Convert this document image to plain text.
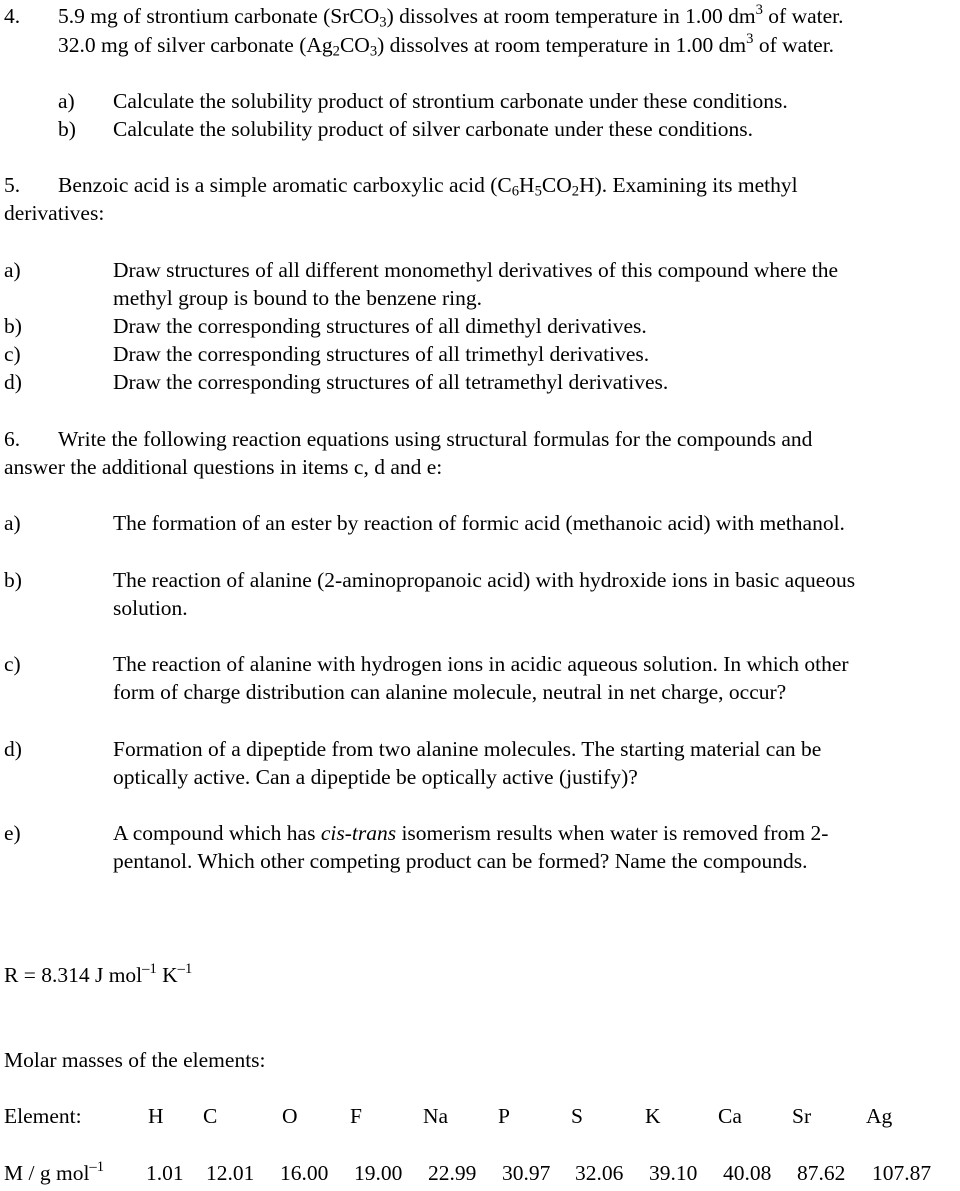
4. 5.9 mg of strontium carbonate (SrCO$_3$) dissolves at room temperature in 1.00 $dm^3$ of water.
32.0 mg of silver carbonate $(Ag_2CO_3)$ dissolves at room temperature in 1.00 $dm^3$ of water.
a) Calculate the solubility product of strontium carbonate under these conditions.
b) Calculate the solubility product of silver carbonate under these conditions.
5. Benzoic acid is a simple aromatic carboxylic acid $(C_6H_5CO_2H)$. Examining its methyl
derivatives:
a)	Draw structures of all different monomethyl derivatives of this compound where the
methyl group is bound to the benzene ring.
b)	Draw the corresponding structures of all dimethyl derivatives.
c)	Draw the corresponding structures of all trimethyl derivatives.
d)	Draw the corresponding structures of all tetramethyl derivatives.
6. Write the following reaction equations using structural formulas for the compounds and
answer the additional questions in items c, d and e:
a)	The formation of an ester by reaction of formic acid (methanoic acid) with methanol.
b)	The reaction of alanine (2-aminopropanoic acid) with hydroxide ions in basic aqueous
solution.
c)	The reaction of alanine with hydrogen ions in acidic aqueous solution. In which other
form of charge distribution can alanine molecule, neutral in net charge, occur?
d)	Formation of a dipeptide from two alanine molecules. The starting material can be
optically active. Can a dipeptide be optically active (justify)?
e)	A compound which has cis-trans isomerism results when water is removed from 2-
pentanol. Which other competing product can be formed? Name the compounds.
R = 8.314 J mol$^{-1}$ $K^{-1}$
Molar masses of the elements:
Element:	H C	O F	Na P	S	K	Ca Sr	Ag
M / g mol$^{-1}$ 1.01 12.01 16.00 19.00 22.99 30.97 32.06 39.10 40.08 87.62 107.87
